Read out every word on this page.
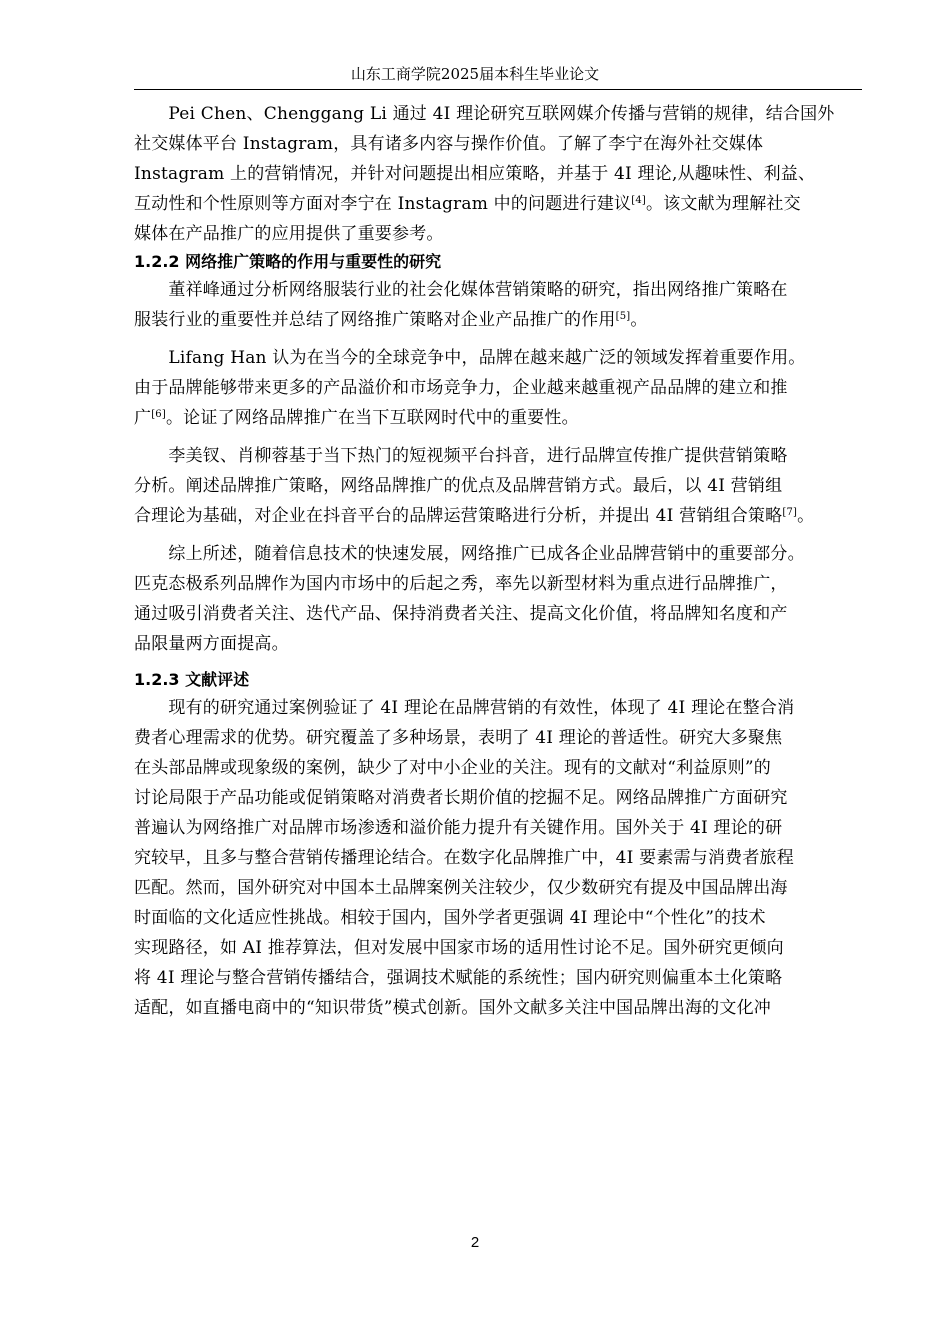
山东工商学院2025届本科生毕业论文
　　Pei Chen、Chenggang Li 通过 4I 理论研究互联网媒介传播与营销的规律，结合国外
社交媒体平台 Instagram，具有诸多内容与操作价值。了解了李宁在海外社交媒体
Instagram 上的营销情况，并针对问题提出相应策略，并基于 4I 理论,从趣味性、利益、
互动性和个性原则等方面对李宁在 Instagram 中的问题进行建议[4]。该文献为理解社交
媒体在产品推广的应用提供了重要参考。
1.2.2 网络推广策略的作用与重要性的研究
　　董祥峰通过分析网络服装行业的社会化媒体营销策略的研究，指出网络推广策略在
服装行业的重要性并总结了网络推广策略对企业产品推广的作用[5]。
　　Lifang Han 认为在当今的全球竞争中，品牌在越来越广泛的领域发挥着重要作用。
由于品牌能够带来更多的产品溢价和市场竞争力，企业越来越重视产品品牌的建立和推
广[6]。论证了网络品牌推广在当下互联网时代中的重要性。
　　李美钗、肖柳蓉基于当下热门的短视频平台抖音，进行品牌宣传推广提供营销策略
分析。阐述品牌推广策略，网络品牌推广的优点及品牌营销方式。最后，以 4I 营销组
合理论为基础，对企业在抖音平台的品牌运营策略进行分析，并提出 4I 营销组合策略[7]。
　　综上所述，随着信息技术的快速发展，网络推广已成各企业品牌营销中的重要部分。
匹克态极系列品牌作为国内市场中的后起之秀，率先以新型材料为重点进行品牌推广，
通过吸引消费者关注、迭代产品、保持消费者关注、提高文化价值，将品牌知名度和产
品限量两方面提高。
1.2.3 文献评述
　　现有的研究通过案例验证了 4I 理论在品牌营销的有效性，体现了 4I 理论在整合消
费者心理需求的优势。研究覆盖了多种场景，表明了 4I 理论的普适性。研究大多聚焦
在头部品牌或现象级的案例，缺少了对中小企业的关注。现有的文献对“利益原则”的
讨论局限于产品功能或促销策略对消费者长期价值的挖掘不足。网络品牌推广方面研究
普遍认为网络推广对品牌市场渗透和溢价能力提升有关键作用。国外关于 4I 理论的研
究较早，且多与整合营销传播理论结合。在数字化品牌推广中，4I 要素需与消费者旅程
匹配。然而，国外研究对中国本土品牌案例关注较少，仅少数研究有提及中国品牌出海
时面临的文化适应性挑战。相较于国内，国外学者更强调 4I 理论中“个性化”的技术
实现路径，如 AI 推荐算法，但对发展中国家市场的适用性讨论不足。国外研究更倾向
将 4I 理论与整合营销传播结合，强调技术赋能的系统性；国内研究则偏重本土化策略
适配，如直播电商中的“知识带货”模式创新。国外文献多关注中国品牌出海的文化冲
2
